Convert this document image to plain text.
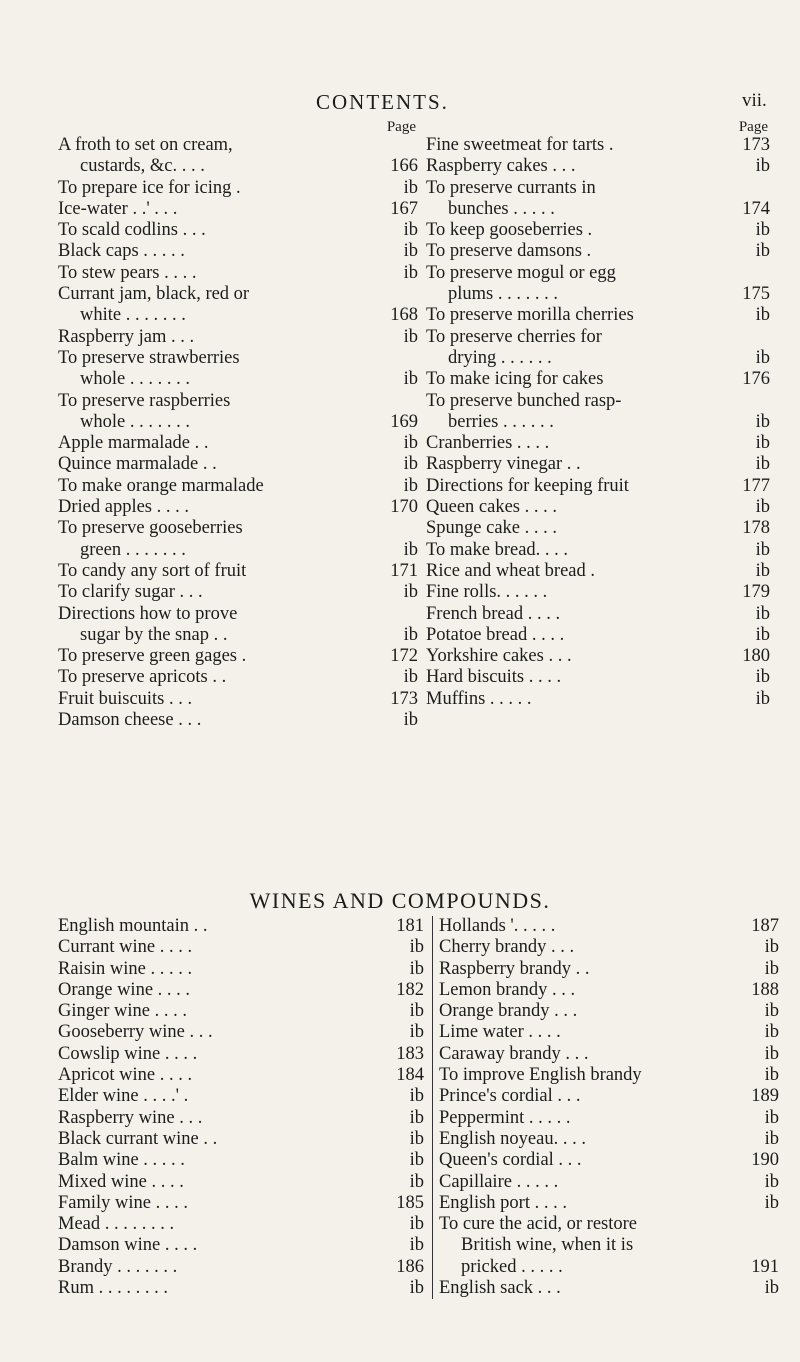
CONTENTS.	vii.
Page
A froth to set on cream,
custards, &c. . . .	166
To prepare ice for icing .	ib
Ice-water . .' . . .	167
To scald codlins . . .	ib
Black caps . . . . .	ib
To stew pears . . . .	ib
Currant jam, black, red or
white . . . . . . .	168
Raspberry jam . . .	ib
To preserve strawberries
whole . . . . . . .	ib
To preserve raspberries
whole . . . . . . .	169
Apple marmalade . .	ib
Quince marmalade . .	ib
To make orange marmalade	ib
Dried apples . . . .	170
To preserve gooseberries
green . . . . . . .	ib
To candy any sort of fruit	171
To clarify sugar . . .	ib
Directions how to prove
sugar by the snap . .	ib
To preserve green gages .	172
To preserve apricots . .	ib
Fruit buiscuits . . .	173
Damson cheese . . .	ib
Page
Fine sweetmeat for tarts .	173
Raspberry cakes . . .	ib
To preserve currants in
bunches . . . . .	174
To keep gooseberries .	ib
To preserve damsons .	ib
To preserve mogul or egg
plums . . . . . . .	175
To preserve morilla cherries	ib
To preserve cherries for
drying . . . . . .	ib
To make icing for cakes	176
To preserve bunched rasp-
berries . . . . . .	ib
Cranberries . . . .	ib
Raspberry vinegar . .	ib
Directions for keeping fruit	177
Queen cakes . . . .	ib
Spunge cake . . . .	178
To make bread. . . .	ib
Rice and wheat bread .	ib
Fine rolls. . . . . .	179
French bread . . . .	ib
Potatoe bread . . . .	ib
Yorkshire cakes . . .	180
Hard biscuits . . . .	ib
Muffins . . . . .	ib
WINES AND COMPOUNDS.
English mountain . .	181
Currant wine . . . .	ib
Raisin wine . . . . .	ib
Orange wine . . . .	182
Ginger wine . . . .	ib
Gooseberry wine . . .	ib
Cowslip wine . . . .	183
Apricot wine . . . .	184
Elder wine . . . .' .	ib
Raspberry wine . . .	ib
Black currant wine . .	ib
Balm wine . . . . .	ib
Mixed wine . . . .	ib
Family wine . . . .	185
Mead . . . . . . . .	ib
Damson wine . . . .	ib
Brandy . . . . . . .	186
Rum . . . . . . . .	ib
Hollands '. . . . .	187
Cherry brandy . . .	ib
Raspberry brandy . .	ib
Lemon brandy . . .	188
Orange brandy . . .	ib
Lime water . . . .	ib
Caraway brandy . . .	ib
To improve English brandy	ib
Prince's cordial . . .	189
Peppermint . . . . .	ib
English noyeau. . . .	ib
Queen's cordial . . .	190
Capillaire . . . . .	ib
English port . . . .	ib
To cure the acid, or restore
British wine, when it is
pricked . . . . .	191
English sack . . .	ib
